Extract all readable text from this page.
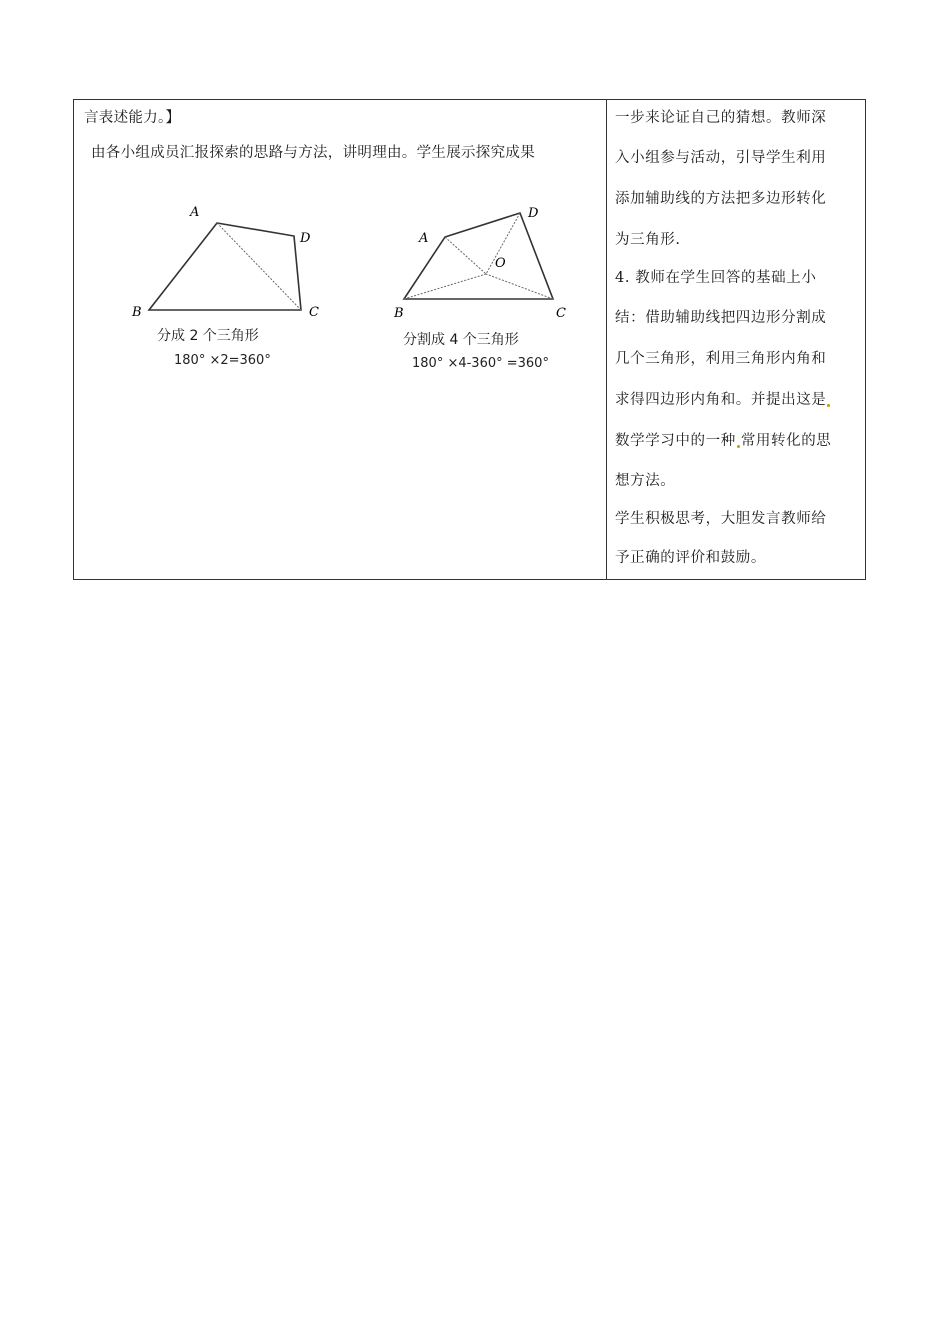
言表述能力。】
由各小组成员汇报探索的思路与方法，讲明理由。学生展示探究成果
A
D
B	C
分成 2 个三角形
180° ×2=360°
A
D
O
B	C
分割成 4 个三角形
180° ×4-360° =360°
一步来论证自己的猜想。教师深
入小组参与活动，引导学生利用
添加辅助线的方法把多边形转化
为三角形.
4. 教师在学生回答的基础上小
结：借助辅助线把四边形分割成
几个三角形，利用三角形内角和
求得四边形内角和。并提出这是
数学学习中的一种 常用转化的思
想方法。
学生积极思考，大胆发言教师给
予正确的评价和鼓励。
